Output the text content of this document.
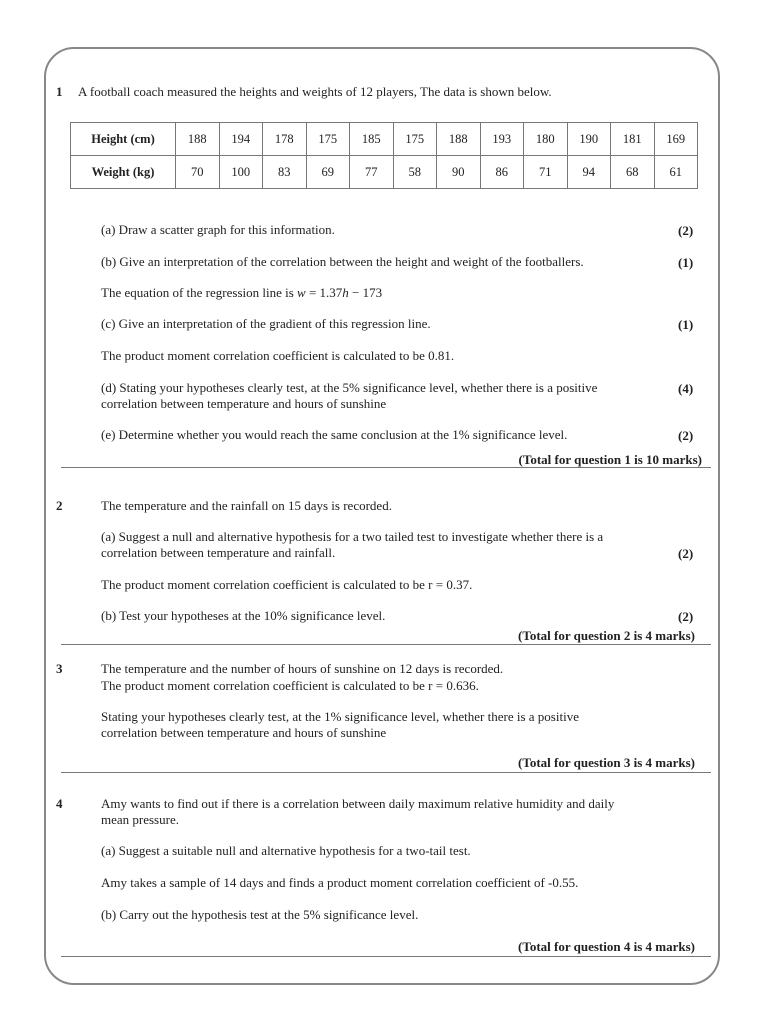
1 A football coach measured the heights and weights of 12 players, The data is shown below.
Height (cm)	188	194	178	175	185	175	188	193	180	190	181	169
Weight (kg)	70	100	83	69	77	58	90	86	71	94	68	61
(a) Draw a scatter graph for this information.	(2)
(b) Give an interpretation of the correlation between the height and weight of the footballers.	(1)
The equation of the regression line is w = 1.37h − 173
(c) Give an interpretation of the gradient of this regression line.	(1)
The product moment correlation coefficient is calculated to be 0.81.
(d) Stating your hypotheses clearly test, at the 5% significance level, whether there is a positive	(4)
correlation between temperature and hours of sunshine
(e) Determine whether you would reach the same conclusion at the 1% significance level.	(2)
(Total for question 1 is 10 marks)
2	The temperature and the rainfall on 15 days is recorded.
(a) Suggest a null and alternative hypothesis for a two tailed test to investigate whether there is a
correlation between temperature and rainfall.	(2)
The product moment correlation coefficient is calculated to be r = 0.37.
(b) Test your hypotheses at the 10% significance level.	(2)
(Total for question 2 is 4 marks)
3	The temperature and the number of hours of sunshine on 12 days is recorded.
The product moment correlation coefficient is calculated to be r = 0.636.
Stating your hypotheses clearly test, at the 1% significance level, whether there is a positive
correlation between temperature and hours of sunshine
(Total for question 3 is 4 marks)
4	Amy wants to find out if there is a correlation between daily maximum relative humidity and daily
mean pressure.
(a) Suggest a suitable null and alternative hypothesis for a two-tail test.
Amy takes a sample of 14 days and finds a product moment correlation coefficient of -0.55.
(b) Carry out the hypothesis test at the 5% significance level.
(Total for question 4 is 4 marks)
